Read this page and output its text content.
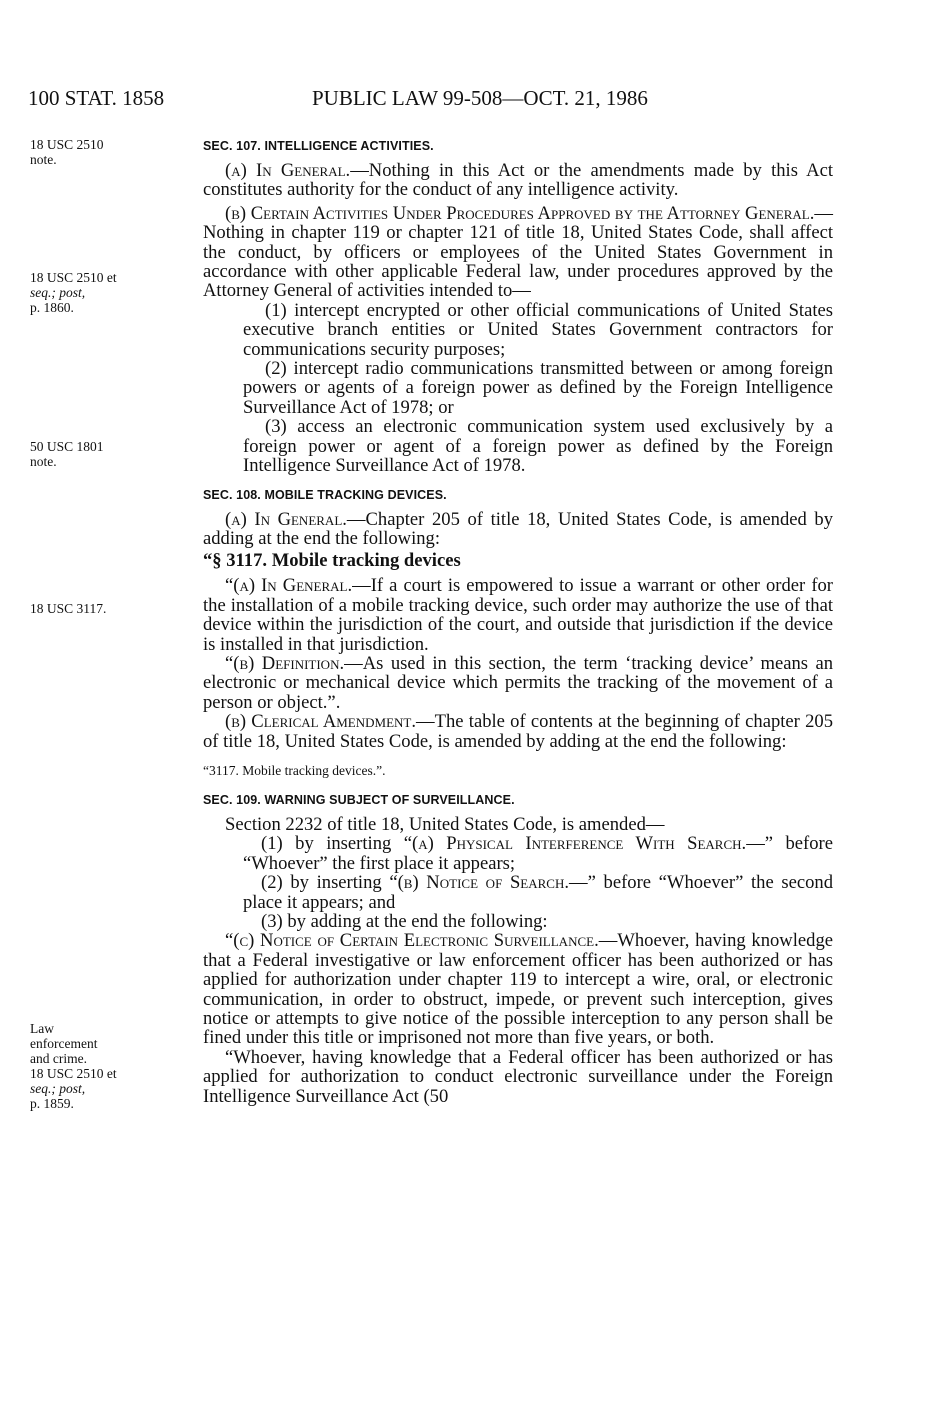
100 STAT. 1858	PUBLIC LAW 99-508—OCT. 21, 1986
18 USC 2510
note.
18 USC 2510 et
seq.; post,
p. 1860.
50 USC 1801
note.
18 USC 3117.
Law
enforcement
and crime.
18 USC 2510 et
seq.; post,
p. 1859.
SEC. 107. INTELLIGENCE ACTIVITIES.

(a) In General.—Nothing in this Act or the amendments made by this Act constitutes authority for the conduct of any intelligence activity.

(b) Certain Activities Under Procedures Approved by the Attorney General.—Nothing in chapter 119 or chapter 121 of title 18, United States Code, shall affect the conduct, by officers or employees of the United States Government in accordance with other applicable Federal law, under procedures approved by the Attorney General of activities intended to—

(1) intercept encrypted or other official communications of United States executive branch entities or United States Government contractors for communications security purposes;

(2) intercept radio communications transmitted between or among foreign powers or agents of a foreign power as defined by the Foreign Intelligence Surveillance Act of 1978; or

(3) access an electronic communication system used exclusively by a foreign power or agent of a foreign power as defined by the Foreign Intelligence Surveillance Act of 1978.

SEC. 108. MOBILE TRACKING DEVICES.

(a) In General.—Chapter 205 of title 18, United States Code, is amended by adding at the end the following:

“§ 3117. Mobile tracking devices

“(a) In General.—If a court is empowered to issue a warrant or other order for the installation of a mobile tracking device, such order may authorize the use of that device within the jurisdiction of the court, and outside that jurisdiction if the device is installed in that jurisdiction.

“(b) Definition.—As used in this section, the term ‘tracking device’ means an electronic or mechanical device which permits the tracking of the movement of a person or object.”.

(b) Clerical Amendment.—The table of contents at the beginning of chapter 205 of title 18, United States Code, is amended by adding at the end the following:

“3117. Mobile tracking devices.”.
SEC. 109. WARNING SUBJECT OF SURVEILLANCE.

Section 2232 of title 18, United States Code, is amended—

(1) by inserting “(a) Physical Interference With Search.—” before “Whoever” the first place it appears;

(2) by inserting “(b) Notice of Search.—” before “Whoever” the second place it appears; and

(3) by adding at the end the following:

“(c) Notice of Certain Electronic Surveillance.—Whoever, having knowledge that a Federal investigative or law enforcement officer has been authorized or has applied for authorization under chapter 119 to intercept a wire, oral, or electronic communication, in order to obstruct, impede, or prevent such interception, gives notice or attempts to give notice of the possible interception to any person shall be fined under this title or imprisoned not more than five years, or both.

“Whoever, having knowledge that a Federal officer has been authorized or has applied for authorization to conduct electronic surveillance under the Foreign Intelligence Surveillance Act (50
